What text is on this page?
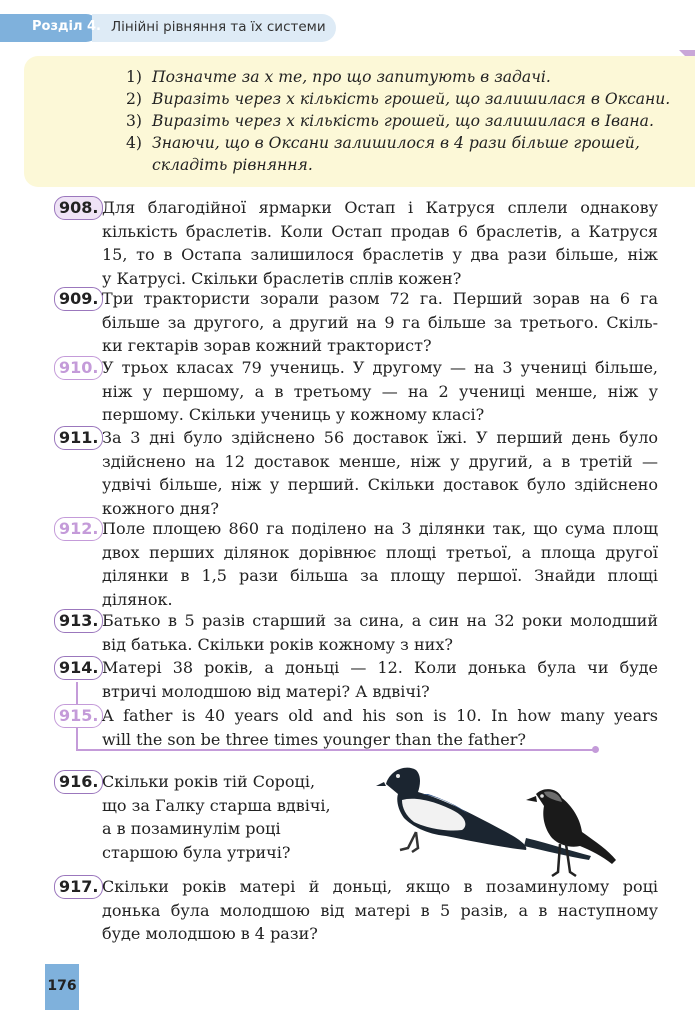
Розділ 4. Лінійні рівняння та їх системи
1) Позначте за x те, про що запитують в задачі.
2) Виразіть через x кількість грошей, що залишилася в Оксани.
3) Виразіть через x кількість грошей, що залишилася в Івана.
4) Знаючи, що в Оксани залишилося в 4 рази більше грошей,
складіть рівняння.
908. Для благодійної ярмарки Остап і Катруся сплели однакову
кількість браслетів. Коли Остап продав 6 браслетів, а Катруся
15, то в Остапа залишилося браслетів у два рази більше, ніж
у Катрусі. Скільки браслетів сплів кожен?
909. Три трактористи зорали разом 72 га. Перший зорав на 6 га
більше за другого, а другий на 9 га більше за третього. Скіль-
ки гектарів зорав кожний тракторист?
910. У трьох класах 79 учениць. У другому — на 3 учениці більше,
ніж у першому, а в третьому — на 2 учениці менше, ніж у
першому. Скільки учениць у кожному класі?
911. За 3 дні було здійснено 56 доставок їжі. У перший день було
здійснено на 12 доставок менше, ніж у другий, а в третій —
удвічі більше, ніж у перший. Скільки доставок було здійснено
кожного дня?
912. Поле площею 860 га поділено на 3 ділянки так, що сума площ
двох перших ділянок дорівнює площі третьої, а площа другої
ділянки в 1,5 рази більша за площу першої. Знайди площі
ділянок.
913. Батько в 5 разів старший за сина, а син на 32 роки молодший
від батька. Скільки років кожному з них?
914. Матері 38 років, а доньці — 12. Коли донька була чи буде
втричі молодшою від матері? А вдвічі?
915. A father is 40 years old and his son is 10. In how many years
will the son be three times younger than the father?
916. Скільки років тій Сороці,
що за Галку старша вдвічі,
а в позаминулім році
старшою була утричі?
917. Скільки років матері й доньці, якщо в позаминулому році
донька була молодшою від матері в 5 разів, а в наступному
буде молодшою в 4 рази?
176
